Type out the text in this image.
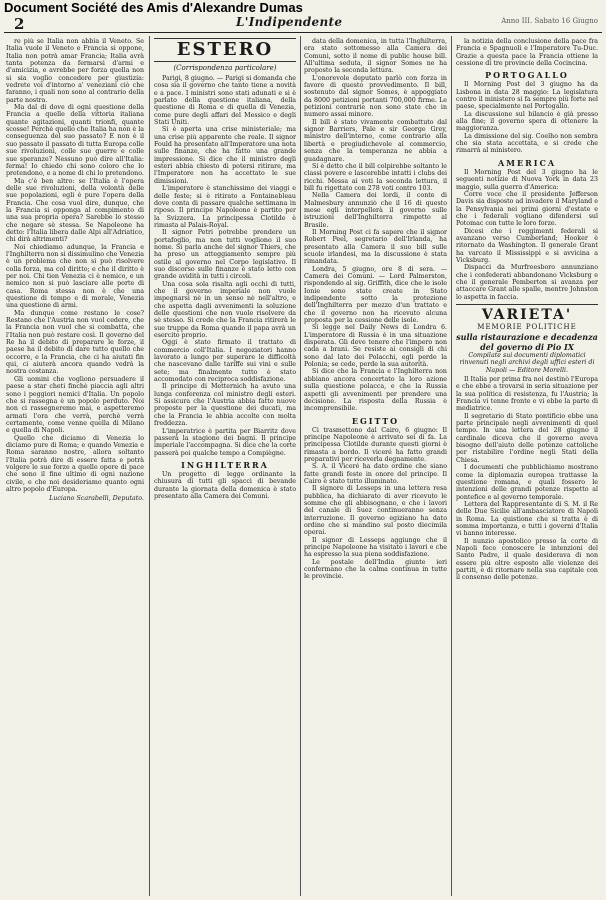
Document Société des Amis d'Alexandre Dumas
2	L'Indipendente	Anno III. Sabato 16 Giugno

re più se Italia non abbia il Veneto. Se Italia vuole il Veneto e Francia si oppone, Italia non potrà amar Francia; Italia avrà tanta potenza da fermarsi d'armi e d'amicizia, e avrebbe per forza quella non si sia voglio concedere per giustizia: vedrete voi d'intorno a' veneziani ciò che faranno, i quali non sono al contrario della parte nostra.

Ma dal di dove di ogni questione della Francia a quelle della vittoria italiana quante agitazioni, quanti trionfi, quante scosse! Perchè quello che Italia ha non è la conseguenza del suo passato? E non è il suo passato il passato di tutta Europa colle sue rivoluzioni, colle sue guerre e colle sue speranze? Nessuno può dire all'Italia: ferma! Io chiedo chi sono coloro che lo pretendono, e a nome di chi lo pretendono.

Ma c'è ben altro: se l'Italia è l'opera delle sue rivoluzioni, della volontà delle sue popolazioni, egli è pure l'opera della Francia. Che cosa vuol dire, dunque, che la Francia si opponga al compimento di una sua propria opera? Sarebbe lo stesso che negare sè stessa. Se Napoleone ha detto: l'Italia libera dalle Alpi all'Adriatico, chi dirà altrimenti?

Noi chiediamo adunque, la Francia e l'Inghilterra non si dissimulino che Venezia è un problema che non si può risolvere colla forza, ma col diritto; e che il diritto è per noi. Chi tien Venezia ci è nemico, e un nemico non si può lasciare alle porte di casa. Roma stessa non è che una questione di tempo e di morale, Venezia una questione di armi.

Ma dunque come restano le cose? Restano che l'Austria non vuol cedere, che la Francia non vuol che si combatta, che l'Italia non può restare così. Il governo del Re ha il debito di preparare le forze, il paese ha il debito di dare tutto quello che occorre, e la Francia, che ci ha aiutati fin qui, ci aiuterà ancora quando vedrà la nostra costanza.

Gli uomini che vogliono persuadere il paese a star cheti finchè piaccia agli altri sono i peggiori nemici d'Italia. Un popolo che si rassegna è un popolo perduto. Noi non ci rassegneremo mai, e aspetteremo armati l'ora che verrà, perchè verrà certamente, come venne quella di Milano e quella di Napoli.

Quello che diciamo di Venezia lo diciamo pure di Roma; e quando Venezia e Roma saranno nostre, allora soltanto l'Italia potrà dire di essere fatta e potrà volgere le sue forze a quelle opere di pace che sono il fine ultimo di ogni nazione civile, e che noi desideriamo quanto ogni altro popolo d'Europa.

Luciano Scarabelli, Deputato.
ESTERO
(Corrispondenza particolare)

Parigi, 8 giugno. — Parigi si domanda che cosa sia il governo che tanto tiene a novità e a pace. I ministri sono stati adunati e si è parlato della questione italiana, della questione di Roma e di quella di Venezia, come pure degli affari del Messico e degli Stati Uniti.

Si è aperta una crise ministeriale; ma una crise più apparente che reale. Il signor Fould ha presentato all'Imperatore una nota sulle finanze, che ha fatto una grande impressione. Si dice che il ministro degli esteri abbia chiesto di potersi ritirare, ma l'Imperatore non ha accettato le sue dimissioni.

L'imperatore è stanchissimo dei viaggi e delle feste; si è ritirato a Fontainebleau dove conta di passare qualche settimana in riposo. Il principe Napoleone è partito per la Svizzera. La principessa Clotilde è rimasta al Palais-Royal.

Il signor Petri potrebbe prendere un portafoglio, ma non tutti vogliono il suo nome. Si parla anche del signor Thiers, che ha preso un atteggiamento sempre più ostile al governo nel Corpo legislativo. Il suo discorso sulle finanze è stato letto con grande avidità in tutti i circoli.

Una cosa sola risalta agli occhi di tutti, che il governo imperiale non vuole impegnarsi nè in un senso nè nell'altro, e che aspetta dagli avvenimenti la soluzione delle questioni che non vuole risolvere da sè stesso. Si crede che la Francia ritirerà le sue truppe da Roma quando il papa avrà un esercito proprio.

Oggi è stato firmato il trattato di commercio coll'Italia. I negoziatori hanno lavorato a lungo per superare le difficoltà che nascevano dalle tariffe sui vini e sulle sete; ma finalmente tutto è stato accomodato con reciproca soddisfazione.

Il principe di Metternich ha avuto una lunga conferenza col ministro degli esteri. Si assicura che l'Austria abbia fatto nuove proposte per la questione dei ducati, ma che la Francia le abbia accolte con molta freddezza.

L'imperatrice è partita per Biarritz dove passerà la stagione dei bagni. Il principe imperiale l'accompagna. Si dice che la corte passerà poi qualche tempo a Compiègne.

INGHILTERRA

Un progetto di legge ordinante la chiusura di tutti gli spacci di bevande durante la giornata della domenica è stato presentato alla Camera dei Comuni.

data della domenica, in tutta l'Inghilterra, era stato sottomesso alla Camera dei Comuni, sotto il nome di public house bill. All'ultima seduta, il signor Somes ne ha proposto la seconda lettura.

L'onorevole deputato parlò con forza in favore di questo provvedimento. Il bill, sostenuto dal signor Somes, è appoggiato da 8000 petizioni portanti 700,000 firme. Le petizioni contrarie non sono state che in numero assai minore.

Il bill è stato vivamente combattuto dal signor Barriers, Pale e sir George Grey, ministro dell'interno, come contrario alla libertà e pregiudichevole al commercio, senza che la temperanza ne abbia a guadagnare.

Si è detto che il bill colpirebbe soltanto le classi povere e lascerebbe intatti i clubs dei ricchi. Messa ai voti la seconda lettura, il bill fu rigettato con 278 voti contro 103.

Nella Camera dei lordi, il conte di Malmesbury annunziò che il 16 di questo mese egli interpellerà il governo sulle istruzioni dell'Inghilterra rimpetto al Brasile.

Il Morning Post ci fa sapere che il signor Robert Peel, segretario dell'Irlanda, ha presentato alla Camera il suo bill sulle scuole irlandesi, ma la discussione è stata rimandata.

Londra, 5 giugno, ore 8 di sera. — Camera dei Comuni. — Lord Palmerston, rispondendo al sig. Griffith, dice che le isole Ionie sono state create in Stato indipendente sotto la protezione dell'Inghilterra per mezzo d'un trattato e che il governo non ha ricevuto alcuna proposta per la cessione delle isole.

Si legge nel Daily News di Londra 6. L'imperatore di Russia è in una situazione disperata. Gli deve tenere che l'impero non cada a brani. Se resiste ai consigli di chi sono dal lato dei Polacchi, egli perde la Polonia; se cede, perde la sua autorità.

Si dice che la Francia e l'Inghilterra non abbiano ancora concertato la loro azione sulla questione polacca, e che la Russia aspetti gli avvenimenti per prendere una decisione. La risposta della Russia è incomprensibile.

EGITTO

Ci trasmettono dal Cairo, 6 giugno: Il principe Napoleone è arrivato sei dì fa. La principessa Clotilde durante questi giorni è rimasta a bordo. Il viceré ha fatto grandi preparativi per riceverla degnamente.

S. A. il Viceré ha dato ordine che siano fatte grandi feste in onore del principe. Il Cairo è stato tutto illuminato.

Il signore di Lesseps in una lettera resa pubblica, ha dichiarato di aver ricevuto le somme che gli abbisognano, e che i lavori del canale di Suez continueranno senza interruzione. Il governo egiziano ha dato ordine che si mandino sul posto diecimila operai.

Il signor di Lesseps aggiunge che il principe Napoleone ha visitato i lavori e che ha espresso la sua piena soddisfazione.

Le postale dell'India giunte ieri confermano che la calma continua in tutte le provincie.

la notizia della conclusione della pace fra Francia e Spagnuoli e l'Imperatore Tu-Duc. Grazie a questa pace la Francia ottiene la cessione di tre provincie della Cocincina.

PORTOGALLO

Il Morning Post del 3 giugno ha da Lisbona in data 28 maggio: La legislatura contro il ministero si fa sempre più forte nel paese, specialmente nel Portogallo.

La discussione sul bilancio è già presso alla fine; il governo spera di ottenere la maggioranza.

La dimissione del sig. Coelho non sembra che sia stata accettata, e si crede che rimarrà al ministero.

AMERICA

Il Morning Post del 3 giugno ha le seguenti notizie di Nuova York in data 23 maggio, sulla guerra d'America:

Corre voce che il presidente Jefferson Davis sia disposto ad invadere il Maryland e la Pensylvania nei primi giorni d'estate e che i federali vogliano difendersi sul Potomac con tutte le loro forze.

Dicesi che i reggimenti federali si avanzano verso Cumberland; Hooker è ritornato da Washington. Il generale Grant ha varcato il Mississippì e si avvicina a Vicksburg.

Dispacci da Murfreesboro annunziano che i confederati abbandonano Vicksburg e che il generale Pemberton si avanza per attaccare Grant alle spalle, mentre Johnston lo aspetta in faccia.

VARIETA'
MEMORIE POLITICHE
sulla ristaurazione e decadenza del governo di Pio IX
Compilate sui documenti diplomatici rinvenuti negli archivi degli uffici esteri di Napoli — Editore Morelli.

Il Italia per prima fra noi destinò l'Europa e che ebbe a trovarsi in seria situazione per la sua politica di resistenza, fu l'Austria; la Francia vi tenne fronte e vi ebbe la parte di mediatrice.

Il segretario di Stato pontificio ebbe una parte principale negli avvenimenti di quel tempo. In una lettera del 28 giugno il cardinale diceva che il governo aveva bisogno dell'aiuto delle potenze cattoliche per ristabilire l'ordine negli Stati della Chiesa.

I documenti che pubblichiamo mostrano come la diplomazia europea trattasse la questione romana, e quali fossero le intenzioni delle grandi potenze rispetto al pontefice e al governo temporale.

Lettera del Rappresentante di S. M. il Re delle Due Sicilie all'ambasciatore di Napoli in Roma. La quistione che si tratta è di somma importanza, e tutti i governi d'Italia vi hanno interesse.

Il nunzio apostolico presso la corte di Napoli fece conoscere le intenzioni del Santo Padre, il quale desiderava di non essere più oltre esposto alle violenze dei partiti, e di ritornare nella sua capitale con il consenso delle potenze.
